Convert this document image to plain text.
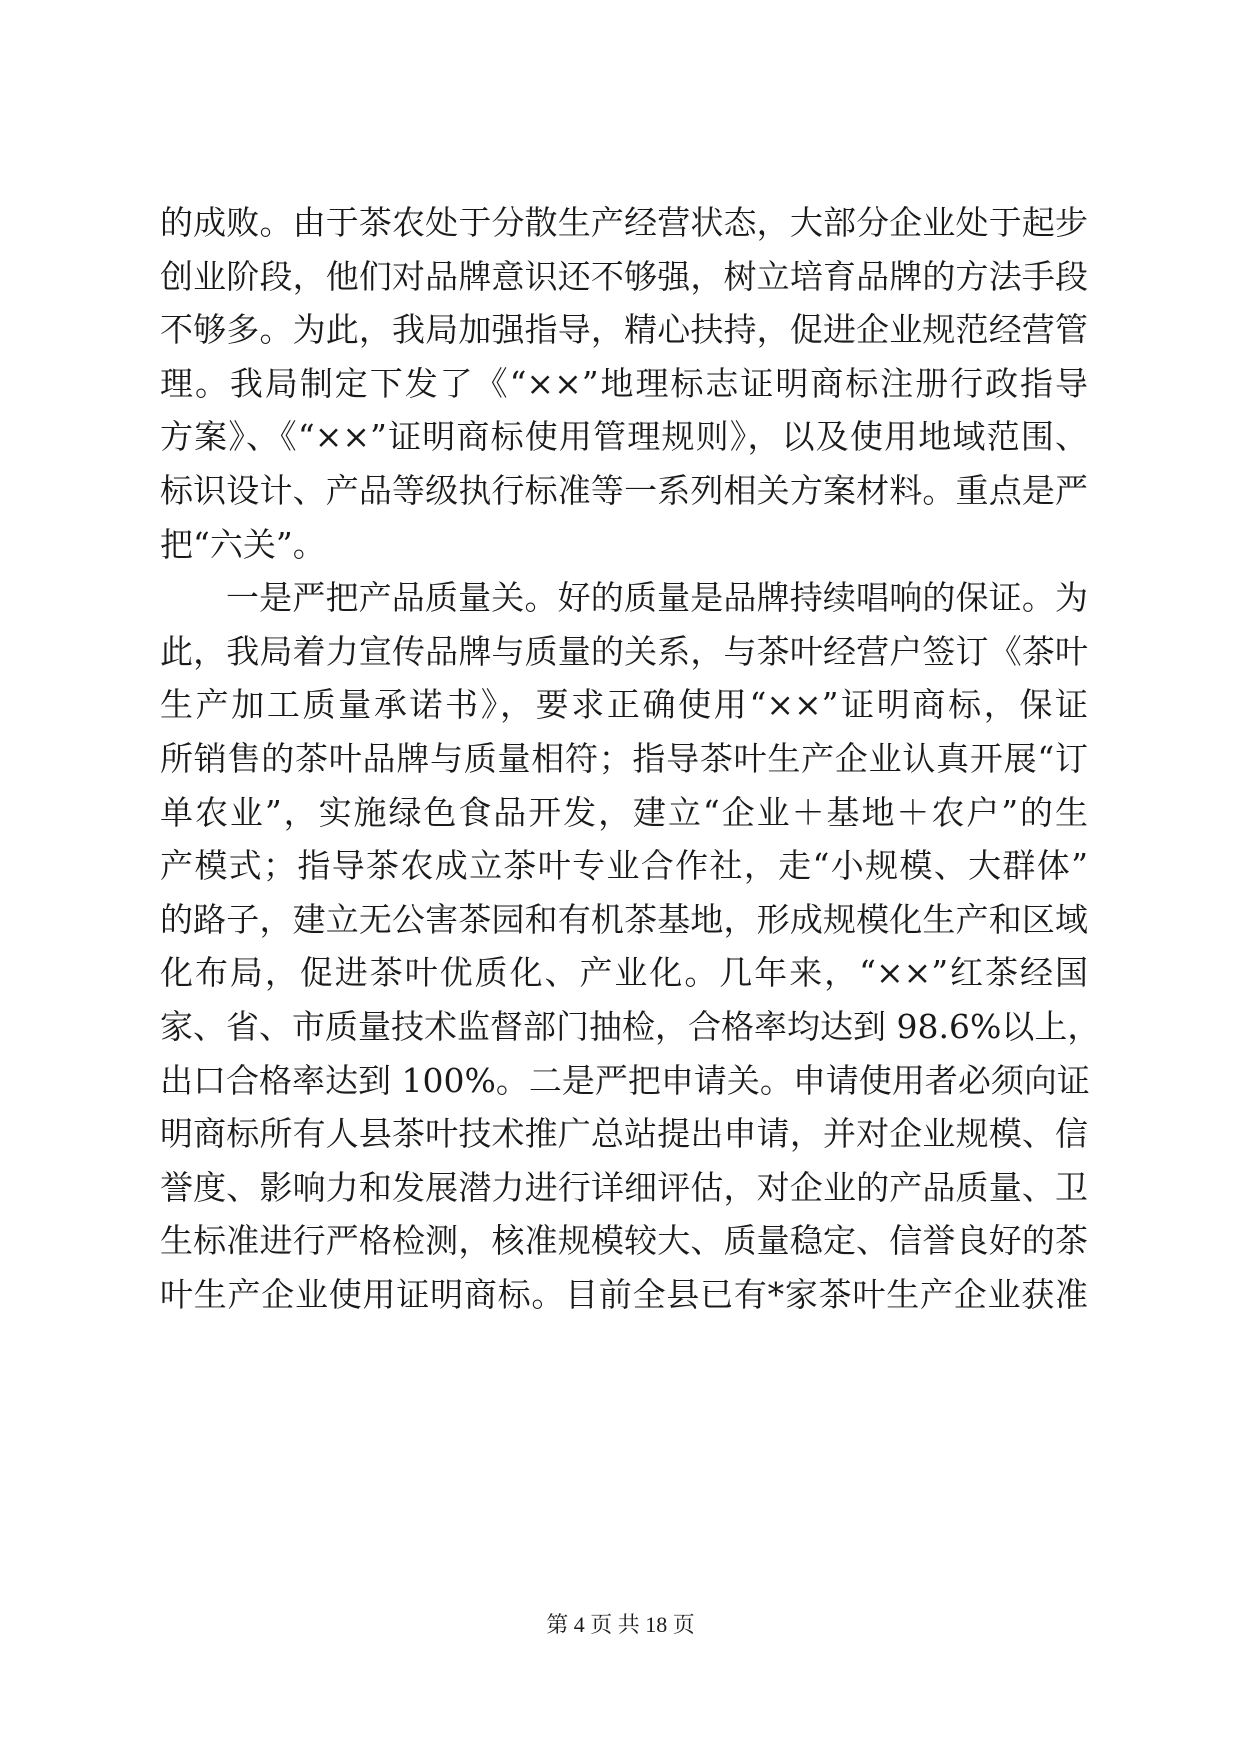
的成败。由于茶农处于分散生产经营状态，大部分企业处于起步
创业阶段，他们对品牌意识还不够强，树立培育品牌的方法手段
不够多。为此，我局加强指导，精心扶持，促进企业规范经营管
理。我局制定下发了《“××”地理标志证明商标注册行政指导
方案》、《“××”证明商标使用管理规则》，以及使用地域范围、
标识设计、产品等级执行标准等一系列相关方案材料。重点是严
把“六关”。
一是严把产品质量关。好的质量是品牌持续唱响的保证。为
此，我局着力宣传品牌与质量的关系，与茶叶经营户签订《茶叶
生产加工质量承诺书》，要求正确使用“××”证明商标，保证
所销售的茶叶品牌与质量相符；指导茶叶生产企业认真开展“订
单农业”，实施绿色食品开发，建立“企业＋基地＋农户”的生
产模式；指导茶农成立茶叶专业合作社，走“小规模、大群体”
的路子，建立无公害茶园和有机茶基地，形成规模化生产和区域
化布局，促进茶叶优质化、产业化。几年来，“××”红茶经国
家、省、市质量技术监督部门抽检，合格率均达到 98.6%以上，
出口合格率达到 100%。二是严把申请关。申请使用者必须向证
明商标所有人县茶叶技术推广总站提出申请，并对企业规模、信
誉度、影响力和发展潜力进行详细评估，对企业的产品质量、卫
生标准进行严格检测，核准规模较大、质量稳定、信誉良好的茶
叶生产企业使用证明商标。目前全县已有*家茶叶生产企业获准
第 4 页 共 18 页
